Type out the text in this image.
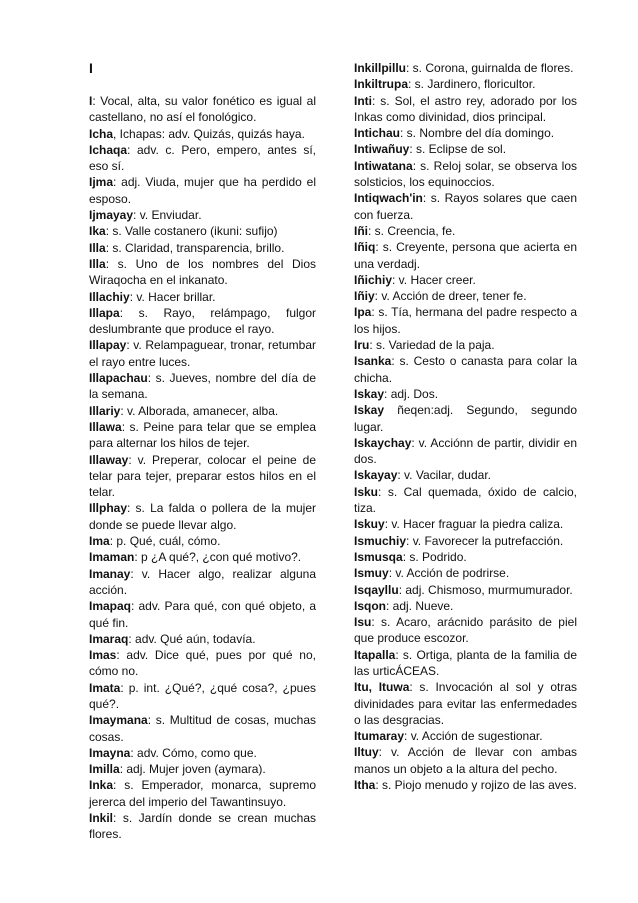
I

I: Vocal, alta, su valor fonético es igual al castellano, no así el fonológico.

Icha, Ichapas: adv. Quizás, quizás haya.

Ichaqa: adv. c. Pero, empero, antes sí, eso sí.

Ijma: adj. Viuda, mujer que ha perdido el esposo.

Ijmayay: v. Enviudar.

Ika: s. Valle costanero (ikuni: sufijo)

Illa: s. Claridad, transparencia, brillo.

Illa: s. Uno de los nombres del Dios Wiraqocha en el inkanato.

Illachiy: v. Hacer brillar.

Illapa: s. Rayo, relámpago, fulgor deslumbrante que produce el rayo.

Illapay: v. Relampaguear, tronar, retumbar el rayo entre luces.

Illapachau: s. Jueves, nombre del día de la semana.

Illariy: v. Alborada, amanecer, alba.

Illawa: s. Peine para telar que se emplea para alternar los hilos de tejer.

Illaway: v. Preperar, colocar el peine de telar para tejer, preparar estos hilos en el telar.

Illphay: s. La falda o pollera de la mujer donde se puede llevar algo.

Ima: p. Qué, cuál, cómo.

Imaman: p ¿A qué?, ¿con qué motivo?.

Imanay: v. Hacer algo, realizar alguna acción.

Imapaq: adv. Para qué, con qué objeto, a qué fin.

Imaraq: adv. Qué aún, todavía.

Imas: adv. Dice qué, pues por qué no, cómo no.

Imata: p. int. ¿Qué?, ¿qué cosa?, ¿pues qué?.

Imaymana: s. Multitud de cosas, muchas cosas.

Imayna: adv. Cómo, como que.

Imilla: adj. Mujer joven (aymara).

Inka: s. Emperador, monarca, supremo jererca del imperio del Tawantinsuyo.

Inkil: s. Jardín donde se crean muchas flores.

Inkillpillu: s. Corona, guirnalda de flores.

Inkiltrupa: s. Jardinero, floricultor.

Inti: s. Sol, el astro rey, adorado por los Inkas como divinidad, dios principal.

Intichau: s. Nombre del día domingo.

Intiwañuy: s. Eclipse de sol.

Intiwatana: s. Reloj solar, se observa los solsticios, los equinoccios.

Intiqwach'in: s. Rayos solares que caen con fuerza.

Iñi: s. Creencia, fe.

Iñiq: s. Creyente, persona que acierta en una verdadj.

Iñichiy: v. Hacer creer.

Iñiy: v. Acción de dreer, tener fe.

Ipa: s. Tía, hermana del padre respecto a los hijos.

Iru: s. Variedad de la paja.

Isanka: s. Cesto o canasta para colar la chicha.

Iskay: adj. Dos.

Iskay ñeqen:adj. Segundo, segundo lugar.

Iskaychay: v. Acciónn de partir, dividir en dos.

Iskayay: v. Vacilar, dudar.

Isku: s. Cal quemada, óxido de calcio, tiza.

Iskuy: v. Hacer fraguar la piedra caliza.

Ismuchiy: v. Favorecer la putrefacción.

Ismusqa: s. Podrido.

Ismuy: v. Acción de podrirse.

Isqayllu: adj. Chismoso, murmumurador.

Isqon: adj. Nueve.

Isu: s. Acaro, arácnido parásito de piel que produce escozor.

Itapalla: s. Ortiga, planta de la familia de las urticÁCEAS.

Itu, Ituwa: s. Invocación al sol y otras divinidades para evitar las enfermedades o las desgracias.

Itumaray: v. Acción de sugestionar.

Iltuy: v. Acción de llevar con ambas manos un objeto a la altura del pecho.

Itha: s. Piojo menudo y rojizo de las aves.
